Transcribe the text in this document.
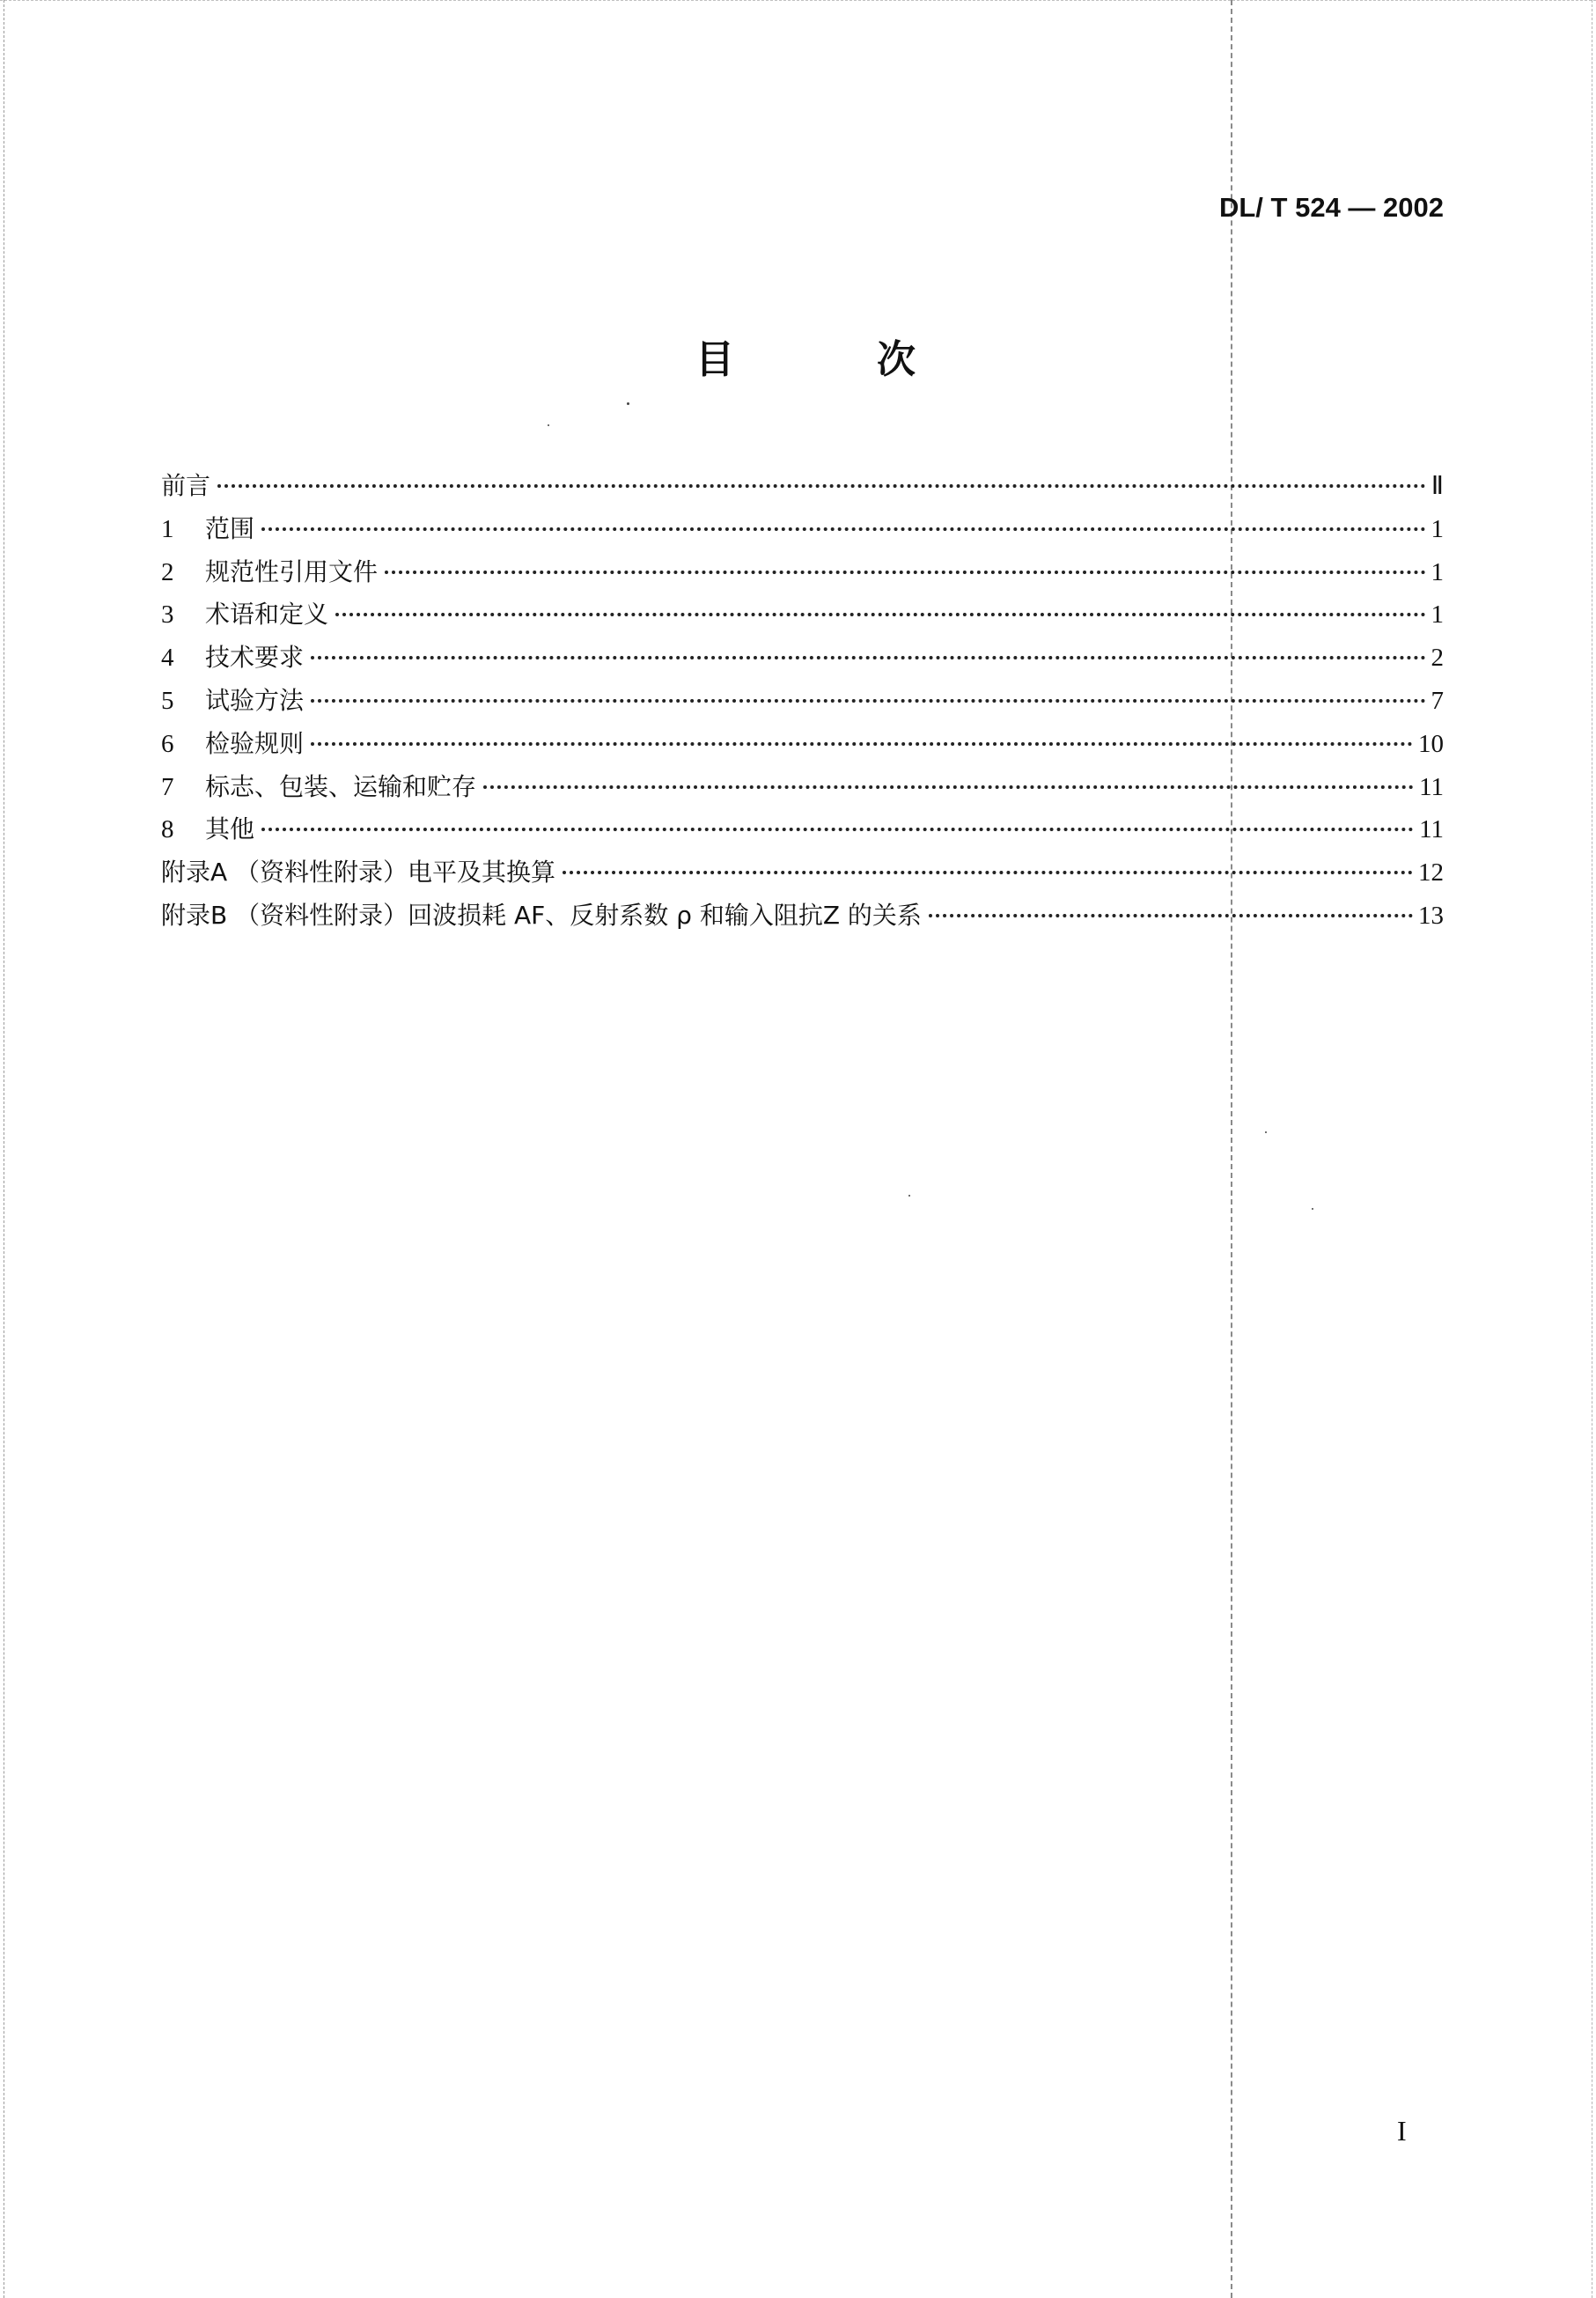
DL/ T 524 — 2002
目	次
前言	Ⅱ
1	范围	1
2	规范性引用文件	1
3	术语和定义	1
4	技术要求	2
5	试验方法	7
6	检验规则	10
7	标志、包装、运输和贮存	11
8	其他	11
附录A （资料性附录）电平及其换算	12
附录B （资料性附录）回波损耗 AF、反射系数 ρ 和输入阻抗Z 的关系	13
I
